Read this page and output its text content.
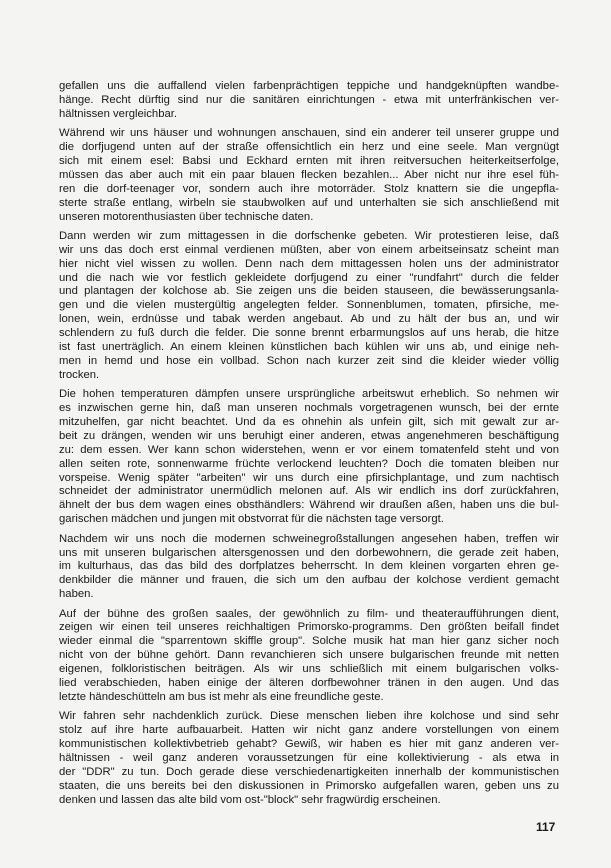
gefallen uns die auffallend vielen farbenprächtigen teppiche und handgeknüpften wandbe-
hänge. Recht dürftig sind nur die sanitären einrichtungen - etwa mit unterfränkischen ver-
hältnissen vergleichbar.
Während wir uns häuser und wohnungen anschauen, sind ein anderer teil unserer gruppe und
die dorfjugend unten auf der straße offensichtlich ein herz und eine seele. Man vergnügt
sich mit einem esel: Babsi und Eckhard ernten mit ihren reitversuchen heiterkeitserfolge,
müssen das aber auch mit ein paar blauen flecken bezahlen... Aber nicht nur ihre esel füh-
ren die dorf-teenager vor, sondern auch ihre motorräder. Stolz knattern sie die ungepfla-
sterte straße entlang, wirbeln sie staubwolken auf und unterhalten sie sich anschließend mit
unseren motorenthusiasten über technische daten.
Dann werden wir zum mittagessen in die dorfschenke gebeten. Wir protestieren leise, daß
wir uns das doch erst einmal verdienen müßten, aber von einem arbeitseinsatz scheint man
hier nicht viel wissen zu wollen. Denn nach dem mittagessen holen uns der administrator
und die nach wie vor festlich gekleidete dorfjugend zu einer "rundfahrt" durch die felder
und plantagen der kolchose ab. Sie zeigen uns die beiden stauseen, die bewässerungsanla-
gen und die vielen mustergültig angelegten felder. Sonnenblumen, tomaten, pfirsiche, me-
lonen, wein, erdnüsse und tabak werden angebaut. Ab und zu hält der bus an, und wir
schlendern zu fuß durch die felder. Die sonne brennt erbarmungslos auf uns herab, die hitze
ist fast unerträglich. An einem kleinen künstlichen bach kühlen wir uns ab, und einige neh-
men in hemd und hose ein vollbad. Schon nach kurzer zeit sind die kleider wieder völlig
trocken.
Die hohen temperaturen dämpfen unsere ursprüngliche arbeitswut erheblich. So nehmen wir
es inzwischen gerne hin, daß man unseren nochmals vorgetragenen wunsch, bei der ernte
mitzuhelfen, gar nicht beachtet. Und da es ohnehin als unfein gilt, sich mit gewalt zur ar-
beit zu drängen, wenden wir uns beruhigt einer anderen, etwas angenehmeren beschäftigung
zu: dem essen. Wer kann schon widerstehen, wenn er vor einem tomatenfeld steht und von
allen seiten rote, sonnenwarme früchte verlockend leuchten? Doch die tomaten bleiben nur
vorspeise. Wenig später "arbeiten" wir uns durch eine pfirsichplantage, und zum nachtisch
schneidet der administrator unermüdlich melonen auf. Als wir endlich ins dorf zurückfahren,
ähnelt der bus dem wagen eines obsthändlers: Während wir draußen aßen, haben uns die bul-
garischen mädchen und jungen mit obstvorrat für die nächsten tage versorgt.
Nachdem wir uns noch die modernen schweinegroßstallungen angesehen haben, treffen wir
uns mit unseren bulgarischen altersgenossen und den dorbewohnern, die gerade zeit haben,
im kulturhaus, das das bild des dorfplatzes beherrscht. In dem kleinen vorgarten ehren ge-
denkbilder die männer und frauen, die sich um den aufbau der kolchose verdient gemacht
haben.
Auf der bühne des großen saales, der gewöhnlich zu film- und theateraufführungen dient,
zeigen wir einen teil unseres reichhaltigen Primorsko-programms. Den größten beifall findet
wieder einmal die "sparrentown skiffle group". Solche musik hat man hier ganz sicher noch
nicht von der bühne gehört. Dann revanchieren sich unsere bulgarischen freunde mit netten
eigenen, folkloristischen beiträgen. Als wir uns schließlich mit einem bulgarischen volks-
lied verabschieden, haben einige der älteren dorfbewohner tränen in den augen. Und das
letzte händeschütteln am bus ist mehr als eine freundliche geste.
Wir fahren sehr nachdenklich zurück. Diese menschen lieben ihre kolchose und sind sehr
stolz auf ihre harte aufbauarbeit. Hatten wir nicht ganz andere vorstellungen von einem
kommunistischen kollektivbetrieb gehabt? Gewiß, wir haben es hier mit ganz anderen ver-
hältnissen - weil ganz anderen voraussetzungen für eine kollektivierung - als etwa in
der "DDR" zu tun. Doch gerade diese verschiedenartigkeiten innerhalb der kommunistischen
staaten, die uns bereits bei den diskussionen in Primorsko aufgefallen waren, geben uns zu
denken und lassen das alte bild vom ost-"block" sehr fragwürdig erscheinen.
117
